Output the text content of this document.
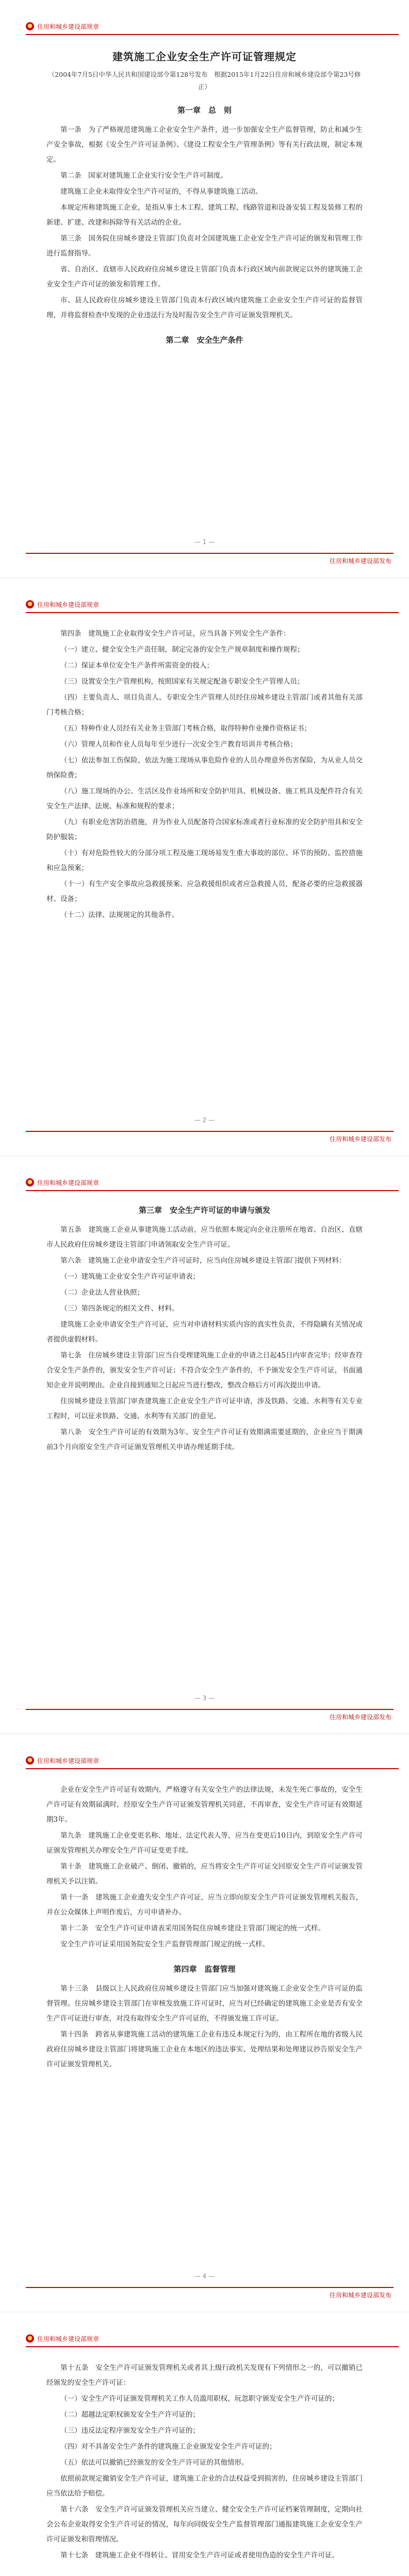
住房和城乡建设部规章
建筑施工企业安全生产许可证管理规定
（2004年7月5日中华人民共和国建设部令第128号发布　根据2015年1月22日住房和城乡建设部令第23号修正）
第一章　总　则
第一条　为了严格规范建筑施工企业安全生产条件，进一步加强安全生产监督管理，防止和减少生产安全事故，根据《安全生产许可证条例》、《建设工程安全生产管理条例》等有关行政法规，制定本规定。
第二条　国家对建筑施工企业实行安全生产许可制度。
建筑施工企业未取得安全生产许可证的，不得从事建筑施工活动。
本规定所称建筑施工企业，是指从事土木工程、建筑工程、线路管道和设备安装工程及装修工程的新建、扩建、改建和拆除等有关活动的企业。
第三条　国务院住房城乡建设主管部门负责对全国建筑施工企业安全生产许可证的颁发和管理工作进行监督指导。
省、自治区、直辖市人民政府住房城乡建设主管部门负责本行政区域内前款规定以外的建筑施工企业安全生产许可证的颁发和管理工作。
市、县人民政府住房城乡建设主管部门负责本行政区域内建筑施工企业安全生产许可证的监督管理，并将监督检查中发现的企业违法行为及时报告安全生产许可证颁发管理机关。
第二章　安全生产条件
— 1 —
住房和城乡建设部发布
住房和城乡建设部规章
第四条　建筑施工企业取得安全生产许可证，应当具备下列安全生产条件：
（一）建立、健全安全生产责任制，制定完备的安全生产规章制度和操作规程；
（二）保证本单位安全生产条件所需资金的投入；
（三）设置安全生产管理机构，按照国家有关规定配备专职安全生产管理人员；
（四）主要负责人、项目负责人、专职安全生产管理人员经住房城乡建设主管部门或者其他有关部门考核合格；
（五）特种作业人员经有关业务主管部门考核合格，取得特种作业操作资格证书；
（六）管理人员和作业人员每年至少进行一次安全生产教育培训并考核合格；
（七）依法参加工伤保险，依法为施工现场从事危险作业的人员办理意外伤害保险，为从业人员交纳保险费；
（八）施工现场的办公、生活区及作业场所和安全防护用具、机械设备、施工机具及配件符合有关安全生产法律、法规、标准和规程的要求；
（九）有职业危害防治措施，并为作业人员配备符合国家标准或者行业标准的安全防护用具和安全防护服装；
（十）有对危险性较大的分部分项工程及施工现场易发生重大事故的部位、环节的预防、监控措施和应急预案；
（十一）有生产安全事故应急救援预案、应急救援组织或者应急救援人员，配备必要的应急救援器材、设备；
（十二）法律、法规规定的其他条件。
— 2 —
住房和城乡建设部发布
住房和城乡建设部规章
第三章　安全生产许可证的申请与颁发
第五条　建筑施工企业从事建筑施工活动前，应当依照本规定向企业注册所在地省、自治区、直辖市人民政府住房城乡建设主管部门申请领取安全生产许可证。
第六条　建筑施工企业申请安全生产许可证时，应当向住房城乡建设主管部门提供下列材料：
（一）建筑施工企业安全生产许可证申请表；
（二）企业法人营业执照；
（三）第四条规定的相关文件、材料。
建筑施工企业申请安全生产许可证，应当对申请材料实质内容的真实性负责，不得隐瞒有关情况或者提供虚假材料。
第七条　住房城乡建设主管部门应当自受理建筑施工企业的申请之日起45日内审查完毕；经审查符合安全生产条件的，颁发安全生产许可证；不符合安全生产条件的，不予颁发安全生产许可证，书面通知企业并说明理由。企业自接到通知之日起应当进行整改，整改合格后方可再次提出申请。
住房城乡建设主管部门审查建筑施工企业安全生产许可证申请，涉及铁路、交通、水利等有关专业工程时，可以征求铁路、交通、水利等有关部门的意见。
第八条　安全生产许可证的有效期为3年。安全生产许可证有效期满需要延期的，企业应当于期满前3个月向原安全生产许可证颁发管理机关申请办理延期手续。
— 3 —
住房和城乡建设部发布
住房和城乡建设部规章
企业在安全生产许可证有效期内，严格遵守有关安全生产的法律法规，未发生死亡事故的，安全生产许可证有效期届满时，经原安全生产许可证颁发管理机关同意，不再审查，安全生产许可证有效期延期3年。
第九条　建筑施工企业变更名称、地址、法定代表人等，应当在变更后10日内，到原安全生产许可证颁发管理机关办理安全生产许可证变更手续。
第十条　建筑施工企业破产、倒闭、撤销的，应当将安全生产许可证交回原安全生产许可证颁发管理机关予以注销。
第十一条　建筑施工企业遗失安全生产许可证，应当立即向原安全生产许可证颁发管理机关报告，并在公众媒体上声明作废后，方可申请补办。
第十二条　安全生产许可证申请表采用国务院住房城乡建设主管部门规定的统一式样。
安全生产许可证采用国务院安全生产监督管理部门规定的统一式样。
第四章　监督管理
第十三条　县级以上人民政府住房城乡建设主管部门应当加强对建筑施工企业安全生产许可证的监督管理。住房城乡建设主管部门在审核发放施工许可证时，应当对已经确定的建筑施工企业是否有安全生产许可证进行审查，对没有取得安全生产许可证的，不得颁发施工许可证。
第十四条　跨省从事建筑施工活动的建筑施工企业有违反本规定行为的，由工程所在地的省级人民政府住房城乡建设主管部门将建筑施工企业在本地区的违法事实、处理结果和处理建议抄告原安全生产许可证颁发管理机关。
— 4 —
住房和城乡建设部发布
住房和城乡建设部规章
第十五条　安全生产许可证颁发管理机关或者其上级行政机关发现有下列情形之一的，可以撤销已经颁发的安全生产许可证：
（一）安全生产许可证颁发管理机关工作人员滥用职权、玩忽职守颁发安全生产许可证的；
（二）超越法定职权颁发安全生产许可证的；
（三）违反法定程序颁发安全生产许可证的；
（四）对不具备安全生产条件的建筑施工企业颁发安全生产许可证的；
（五）依法可以撤销已经颁发的安全生产许可证的其他情形。
依照前款规定撤销安全生产许可证，建筑施工企业的合法权益受到损害的，住房城乡建设主管部门应当依法给予赔偿。
第十六条　安全生产许可证颁发管理机关应当建立、健全安全生产许可证档案管理制度，定期向社会公布企业取得安全生产许可证的情况，每年向同级安全生产监督管理部门通报建筑施工企业安全生产许可证颁发和管理情况。
第十七条　建筑施工企业不得转让、冒用安全生产许可证或者使用伪造的安全生产许可证。
